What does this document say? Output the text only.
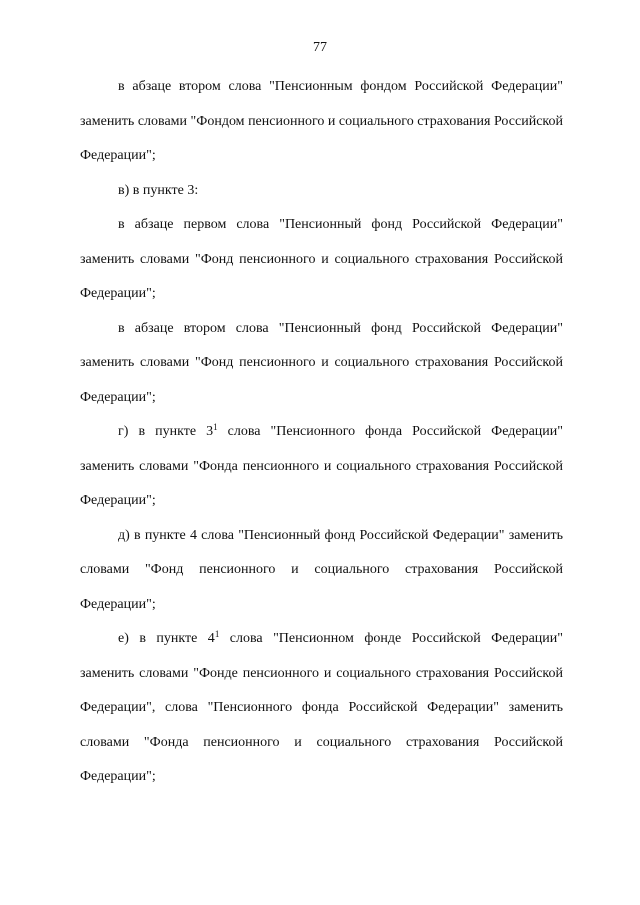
77

в абзаце втором слова "Пенсионным фондом Российской Федерации" заменить словами "Фондом пенсионного и социального страхования Российской Федерации";

в) в пункте 3:

в абзаце первом слова "Пенсионный фонд Российской Федерации" заменить словами "Фонд пенсионного и социального страхования Российской Федерации";

в абзаце втором слова "Пенсионный фонд Российской Федерации" заменить словами "Фонд пенсионного и социального страхования Российской Федерации";

г) в пункте $3^1$ слова "Пенсионного фонда Российской Федерации" заменить словами "Фонда пенсионного и социального страхования Российской Федерации";

д) в пункте 4 слова "Пенсионный фонд Российской Федерации" заменить словами "Фонд пенсионного и социального страхования Российской Федерации";

е) в пункте $4^1$ слова "Пенсионном фонде Российской Федерации" заменить словами "Фонде пенсионного и социального страхования Российской Федерации", слова "Пенсионного фонда Российской Федерации" заменить словами "Фонда пенсионного и социального страхования Российской Федерации";
